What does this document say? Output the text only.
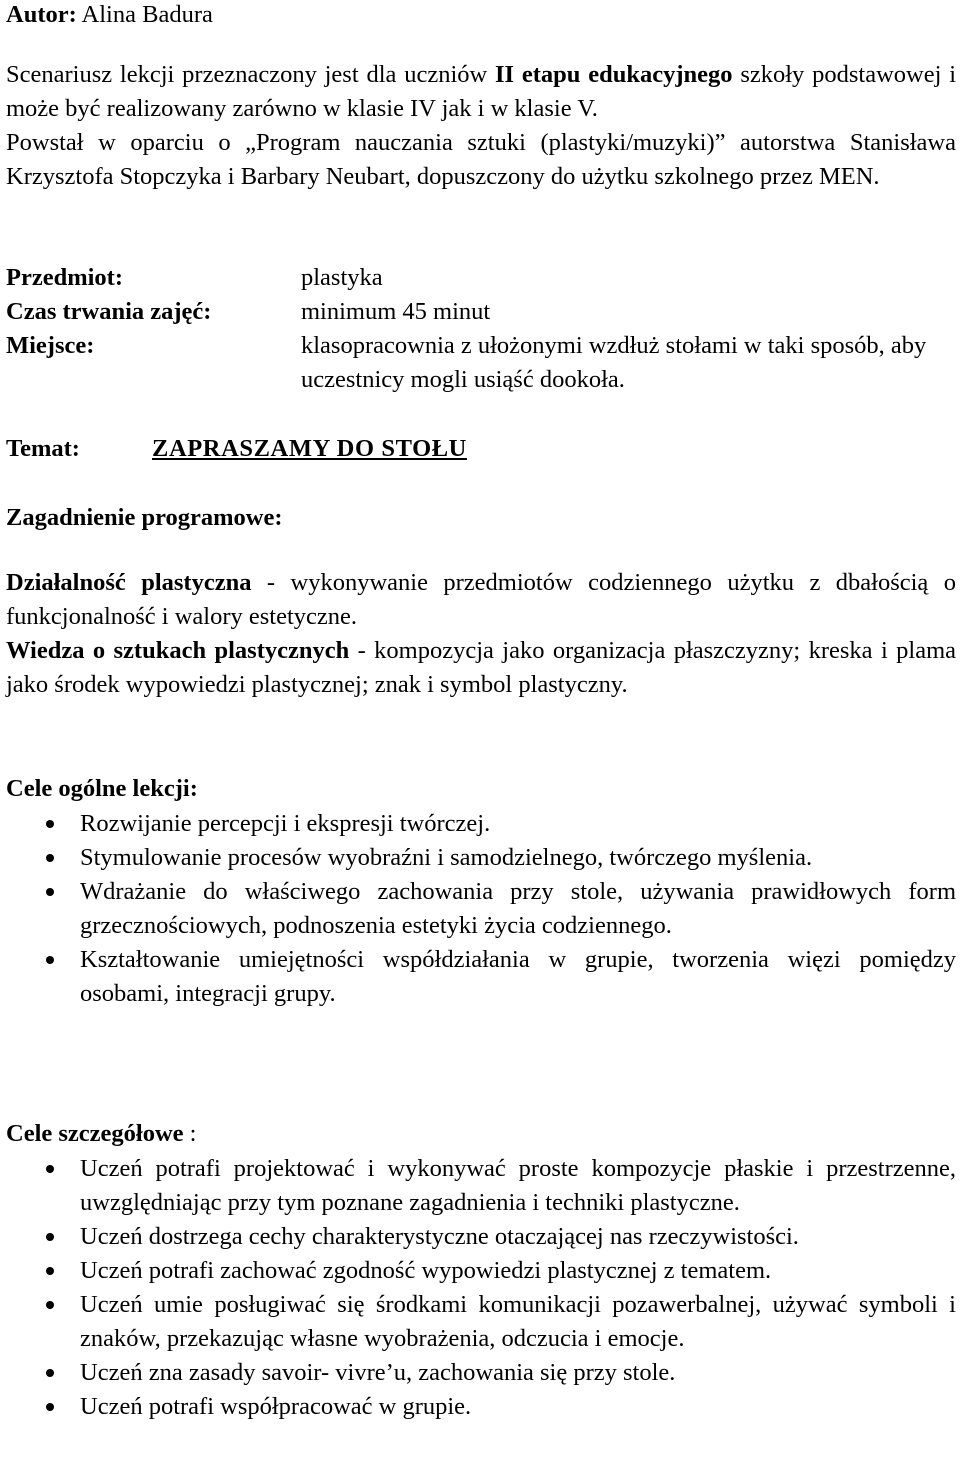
Autor: Alina Badura

Scenariusz lekcji przeznaczony jest dla uczniów II etapu edukacyjnego szkoły podstawowej i może być realizowany zarówno w klasie IV jak i w klasie V.

Powstał w oparciu o „Program nauczania sztuki (plastyki/muzyki)” autorstwa Stanisława Krzysztofa Stopczyka i Barbary Neubart, dopuszczony do użytku szkolnego przez MEN.

Przedmiot:	plastyka
Czas trwania zajęć:	minimum 45 minut
Miejsce:	klasopracownia z ułożonymi wzdłuż stołami w taki sposób, aby uczestnicy mogli usiąść dookoła.
Temat:	ZAPRASZAMY DO STOŁU

Zagadnienie programowe:

Działalność plastyczna - wykonywanie przedmiotów codziennego użytku z dbałością o funkcjonalność i walory estetyczne.

Wiedza o sztukach plastycznych - kompozycja jako organizacja płaszczyzny; kreska i plama jako środek wypowiedzi plastycznej; znak i symbol plastyczny.

Cele ogólne lekcji:

Rozwijanie percepcji i ekspresji twórczej.
Stymulowanie procesów wyobraźni i samodzielnego, twórczego myślenia.
Wdrażanie do właściwego zachowania przy stole, używania prawidłowych form grzecznościowych, podnoszenia estetyki życia codziennego.
Kształtowanie umiejętności współdziałania w grupie, tworzenia więzi pomiędzy osobami, integracji grupy.

Cele szczegółowe :

Uczeń potrafi projektować i wykonywać proste kompozycje płaskie i przestrzenne, uwzględniając przy tym poznane zagadnienia i techniki plastyczne.
Uczeń dostrzega cechy charakterystyczne otaczającej nas rzeczywistości.
Uczeń potrafi zachować zgodność wypowiedzi plastycznej z tematem.
Uczeń umie posługiwać się środkami komunikacji pozawerbalnej, używać symboli i znaków, przekazując własne wyobrażenia, odczucia i emocje.
Uczeń zna zasady savoir- vivre’u, zachowania się przy stole.
Uczeń potrafi współpracować w grupie.
